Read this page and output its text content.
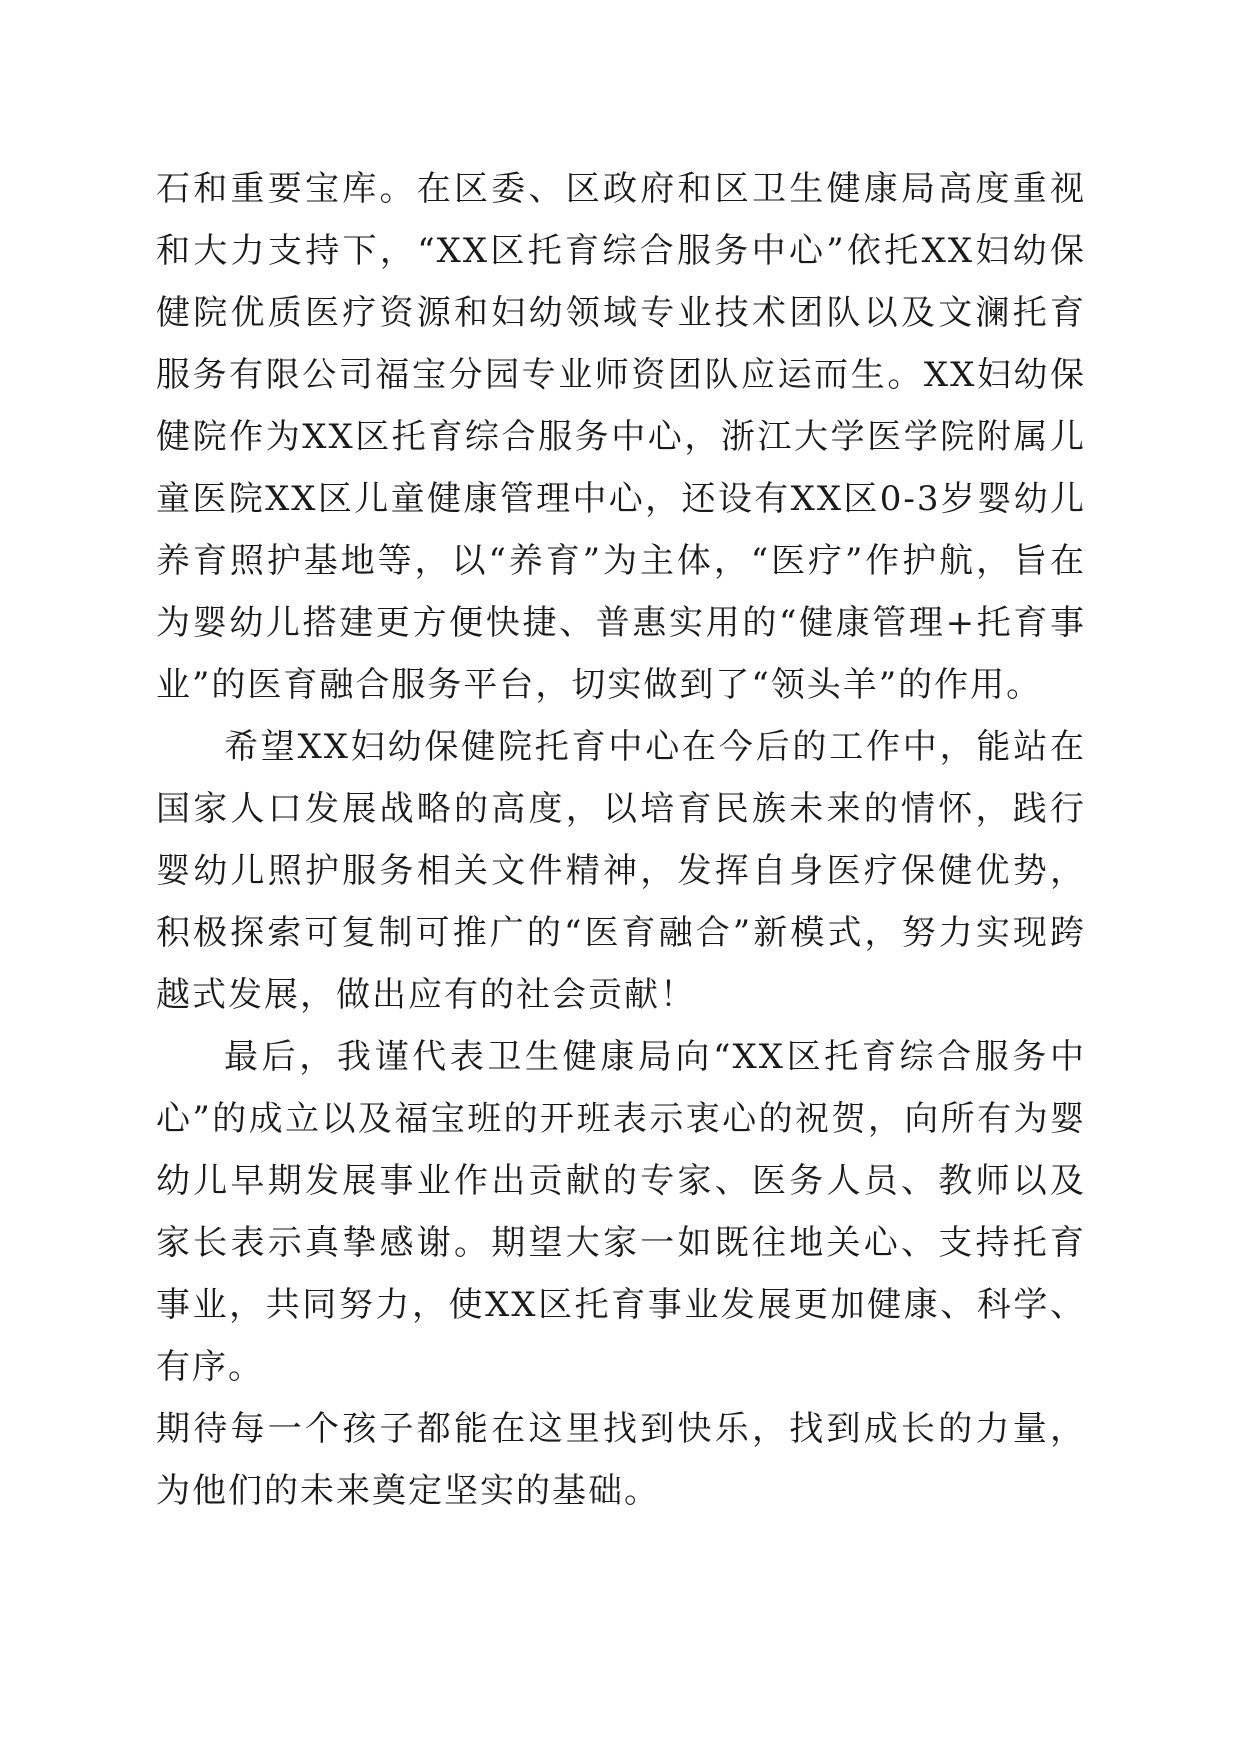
石和重要宝库。在区委、区政府和区卫生健康局高度重视和大力支持下，“XX区托育综合服务中心”依托XX妇幼保健院优质医疗资源和妇幼领域专业技术团队以及文澜托育服务有限公司福宝分园专业师资团队应运而生。XX妇幼保健院作为XX区托育综合服务中心，浙江大学医学院附属儿童医院XX区儿童健康管理中心，还设有XX区0-3岁婴幼儿养育照护基地等，以“养育”为主体，“医疗”作护航，旨在为婴幼儿搭建更方便快捷、普惠实用的“健康管理+托育事业”的医育融合服务平台，切实做到了“领头羊”的作用。

希望XX妇幼保健院托育中心在今后的工作中，能站在国家人口发展战略的高度，以培育民族未来的情怀，践行婴幼儿照护服务相关文件精神，发挥自身医疗保健优势，积极探索可复制可推广的“医育融合”新模式，努力实现跨越式发展，做出应有的社会贡献！

最后，我谨代表卫生健康局向“XX区托育综合服务中心”的成立以及福宝班的开班表示衷心的祝贺，向所有为婴幼儿早期发展事业作出贡献的专家、医务人员、教师以及家长表示真挚感谢。期望大家一如既往地关心、支持托育事业，共同努力，使XX区托育事业发展更加健康、科学、有序。

期待每一个孩子都能在这里找到快乐，找到成长的力量，为他们的未来奠定坚实的基础。
